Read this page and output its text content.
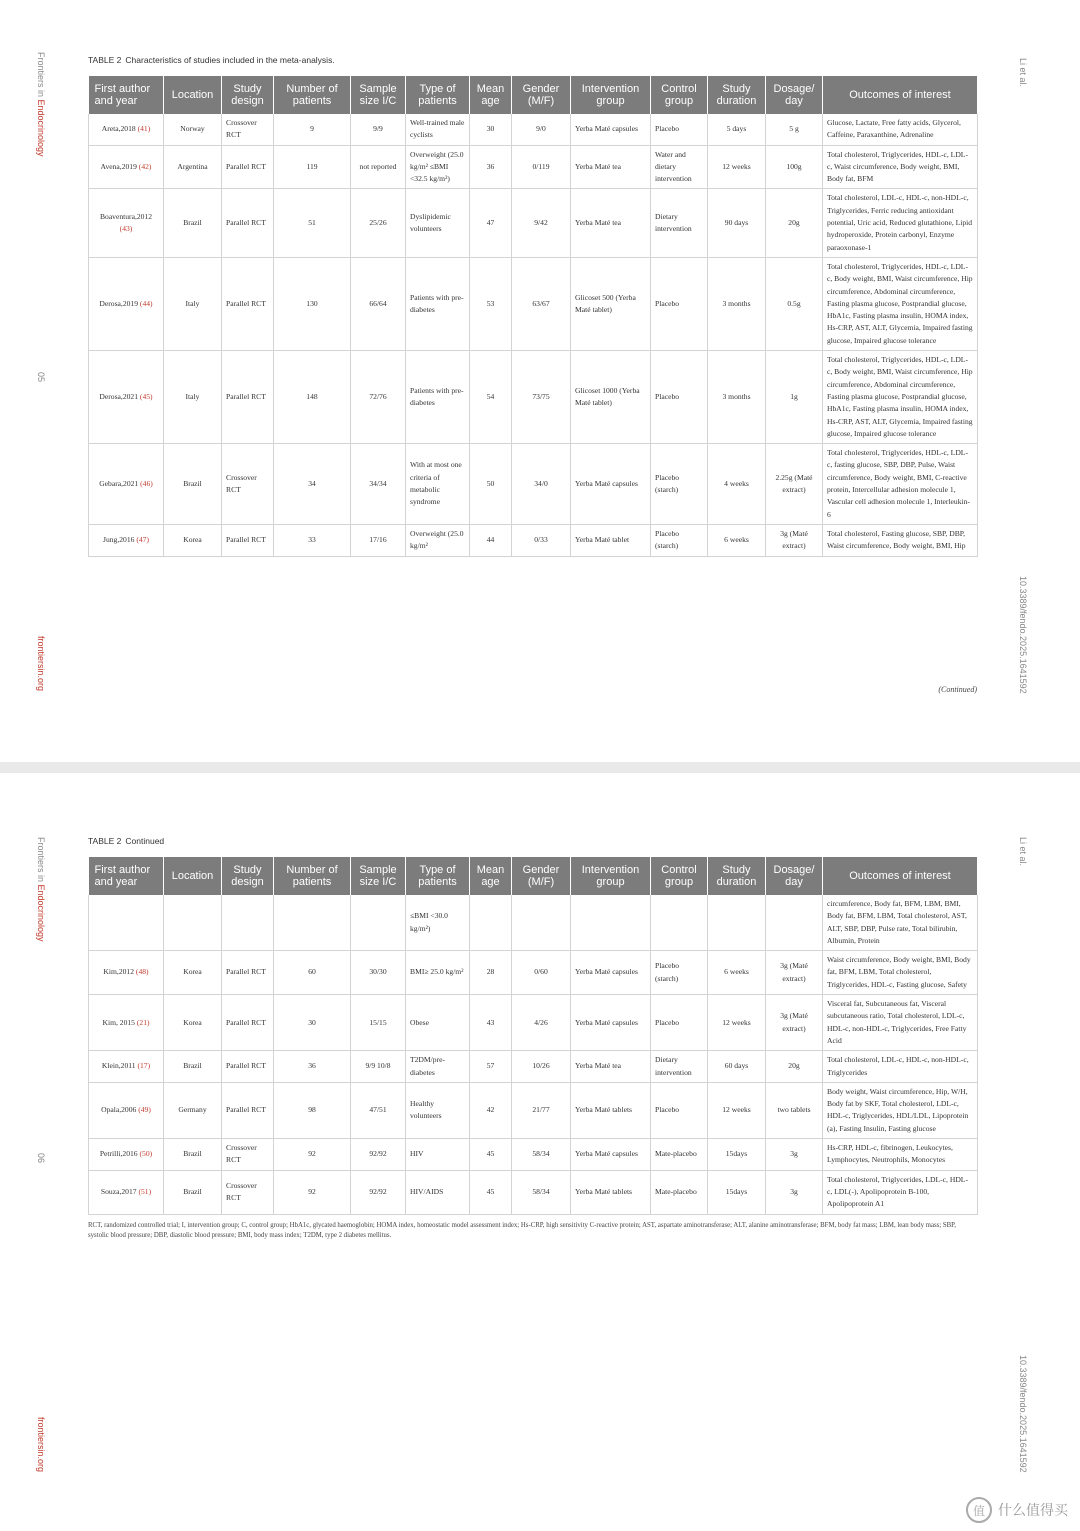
Frontiers in Endocrinology
05
frontiersin.org
Li et al.
10.3389/fendo.2025.1641592
TABLE 2 Characteristics of studies included in the meta-analysis.
First author and year	Location	Study design	Number of patients	Sample size I/C	Type of patients	Mean age	Gender (M/F)	Intervention group	Control group	Study duration	Dosage/ day	Outcomes of interest
Areta,2018 (41)	Norway	Crossover RCT	9	9/9	Well-trained male cyclists	30	9/0	Yerba Maté capsules	Placebo	5 days	5 g	Glucose, Lactate, Free fatty acids, Glycerol, Caffeine, Paraxanthine, Adrenaline
Avena,2019 (42)	Argentina	Parallel RCT	119	not reported	Overweight (25.0 kg/m² ≤BMI <32.5 kg/m²)	36	0/119	Yerba Maté tea	Water and dietary intervention	12 weeks	100g	Total cholesterol, Triglycerides, HDL-c, LDL-c, Waist circumference, Body weight, BMI, Body fat, BFM
Boaventura,2012 (43)	Brazil	Parallel RCT	51	25/26	Dyslipidemic volunteers	47	9/42	Yerba Maté tea	Dietary intervention	90 days	20g	Total cholesterol, LDL-c, HDL-c, non-HDL-c, Triglycerides, Ferric reducing antioxidant potential, Uric acid, Reduced glutathione, Lipid hydroperoxide, Protein carbonyl, Enzyme paraoxonase-1
Derosa,2019 (44)	Italy	Parallel RCT	130	66/64	Patients with pre-diabetes	53	63/67	Glicoset 500 (Yerba Maté tablet)	Placebo	3 months	0.5g	Total cholesterol, Triglycerides, HDL-c, LDL-c, Body weight, BMI, Waist circumference, Hip circumference, Abdominal circumference, Fasting plasma glucose, Postprandial glucose, HbA1c, Fasting plasma insulin, HOMA index, Hs-CRP, AST, ALT, Glycemia, Impaired fasting glucose, Impaired glucose tolerance
Derosa,2021 (45)	Italy	Parallel RCT	148	72/76	Patients with pre-diabetes	54	73/75	Glicoset 1000 (Yerba Maté tablet)	Placebo	3 months	1g	Total cholesterol, Triglycerides, HDL-c, LDL-c, Body weight, BMI, Waist circumference, Hip circumference, Abdominal circumference, Fasting plasma glucose, Postprandial glucose, HbA1c, Fasting plasma insulin, HOMA index, Hs-CRP, AST, ALT, Glycemia, Impaired fasting glucose, Impaired glucose tolerance
Gebara,2021 (46)	Brazil	Crossover RCT	34	34/34	With at most one criteria of metabolic syndrome	50	34/0	Yerba Maté capsules	Placebo (starch)	4 weeks	2.25g (Maté extract)	Total cholesterol, Triglycerides, HDL-c, LDL-c, fasting glucose, SBP, DBP, Pulse, Waist circumference, Body weight, BMI, C-reactive protein, Intercellular adhesion molecule 1, Vascular cell adhesion molecule 1, Interleukin-6
Jung,2016 (47)	Korea	Parallel RCT	33	17/16	Overweight (25.0 kg/m²	44	0/33	Yerba Maté tablet	Placebo (starch)	6 weeks	3g (Maté extract)	Total cholesterol, Fasting glucose, SBP, DBP, Waist circumference, Body weight, BMI, Hip
(Continued)
Frontiers in Endocrinology
06
frontiersin.org
Li et al.
10.3389/fendo.2025.1641592
TABLE 2 Continued
First author and year	Location	Study design	Number of patients	Sample size I/C	Type of patients	Mean age	Gender (M/F)	Intervention group	Control group	Study duration	Dosage/ day	Outcomes of interest
					≤BMI <30.0 kg/m²)							circumference, Body fat, BFM, LBM, BMI, Body fat, BFM, LBM, Total cholesterol, AST, ALT, SBP, DBP, Pulse rate, Total bilirubin, Albumin, Protein
Kim,2012 (48)	Korea	Parallel RCT	60	30/30	BMI≥ 25.0 kg/m²	28	0/60	Yerba Maté capsules	Placebo (starch)	6 weeks	3g (Maté extract)	Waist circumference, Body weight, BMI, Body fat, BFM, LBM, Total cholesterol, Triglycerides, HDL-c, Fasting glucose, Safety
Kim, 2015 (21)	Korea	Parallel RCT	30	15/15	Obese	43	4/26	Yerba Maté capsules	Placebo	12 weeks	3g (Maté extract)	Visceral fat, Subcutaneous fat, Visceral subcutaneous ratio, Total cholesterol, LDL-c, HDL-c, non-HDL-c, Triglycerides, Free Fatty Acid
Klein,2011 (17)	Brazil	Parallel RCT	36	9/9 10/8	T2DM/pre-diabetes	57	10/26	Yerba Maté tea	Dietary intervention	60 days	20g	Total cholesterol, LDL-c, HDL-c, non-HDL-c, Triglycerides
Opala,2006 (49)	Germany	Parallel RCT	98	47/51	Healthy volunteers	42	21/77	Yerba Maté tablets	Placebo	12 weeks	two tablets	Body weight, Waist circumference, Hip, W/H, Body fat by SKF, Total cholesterol, LDL-c, HDL-c, Triglycerides, HDL/LDL, Lipoprotein (a), Fasting Insulin, Fasting glucose
Petrilli,2016 (50)	Brazil	Crossover RCT	92	92/92	HIV	45	58/34	Yerba Maté capsules	Mate-placebo	15days	3g	Hs-CRP, HDL-c, fibrinogen, Leukocytes, Lymphocytes, Neutrophils, Monocytes
Souza,2017 (51)	Brazil	Crossover RCT	92	92/92	HIV/AIDS	45	58/34	Yerba Maté tablets	Mate-placebo	15days	3g	Total cholesterol, Triglycerides, LDL-c, HDL-c, LDL(-), Apolipoprotein B-100, Apolipoprotein A1
RCT, randomized controlled trial; I, intervention group; C, control group; HbA1c, glycated haemoglobin; HOMA index, homeostatic model assessment index; Hs-CRP, high sensitivity C-reactive protein; AST, aspartate aminotransferase; ALT, alanine aminotransferase; BFM, body fat mass; LBM, lean body mass; SBP, systolic blood pressure; DBP, diastolic blood pressure; BMI, body mass index; T2DM, type 2 diabetes mellitus.
值 什么值得买
